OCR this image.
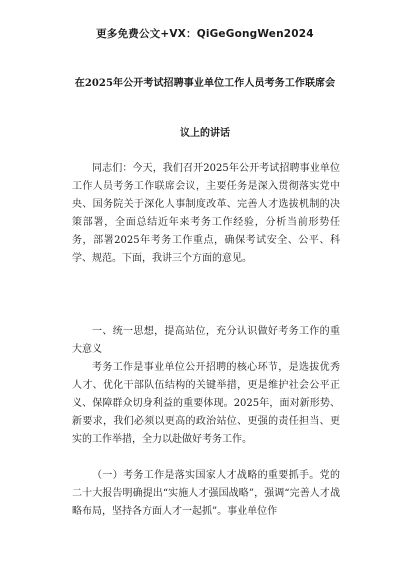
更多免费公文+VX：QiGeGongWen2024
在2025年公开考试招聘事业单位工作人员考务工作联席会
议上的讲话
同志们：今天，我们召开2025年公开考试招聘事业单位工作人员考务工作联席会议，主要任务是深入贯彻落实党中央、国务院关于深化人事制度改革、完善人才选拔机制的决策部署，全面总结近年来考务工作经验，分析当前形势任务，部署2025年考务工作重点，确保考试安全、公平、科学、规范。下面，我讲三个方面的意见。
一、统一思想，提高站位，充分认识做好考务工作的重大意义
考务工作是事业单位公开招聘的核心环节，是选拔优秀人才、优化干部队伍结构的关键举措，更是维护社会公平正义、保障群众切身利益的重要体现。2025年，面对新形势、新要求，我们必须以更高的政治站位、更强的责任担当、更实的工作举措，全力以赴做好考务工作。
（一）考务工作是落实国家人才战略的重要抓手。党的二十大报告明确提出“实施人才强国战略”，强调“完善人才战略布局，坚持各方面人才一起抓”。事业单位作
